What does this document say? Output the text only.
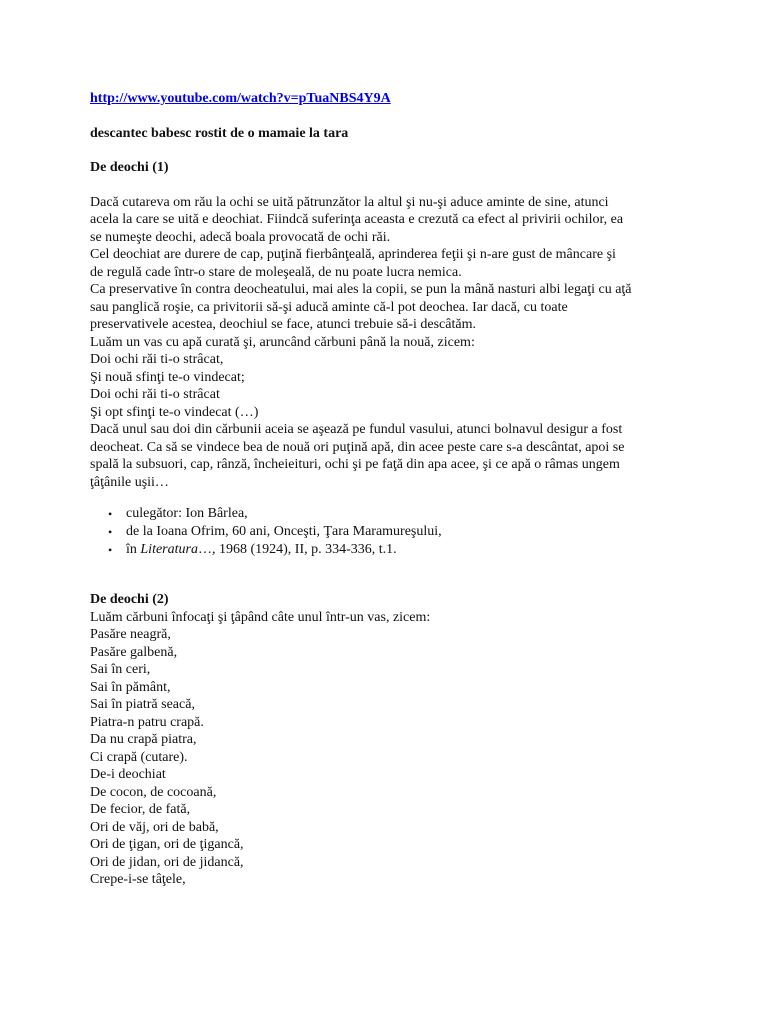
http://www.youtube.com/watch?v=pTuaNBS4Y9A
descantec babesc rostit de o mamaie la tara
De deochi (1)
Dacă cutareva om rău la ochi se uită pătrunzător la altul şi nu-şi aduce aminte de sine, atunci
acela la care se uită e deochiat. Fiindcă suferinţa aceasta e crezută ca efect al privirii ochilor, ea
se numeşte deochi, adecă boala provocată de ochi răi.
Cel deochiat are durere de cap, puţină fierbânţeală, aprinderea feţii şi n-are gust de mâncare şi
de regulă cade într-o stare de moleşeală, de nu poate lucra nemica.
Ca preservative în contra deocheatului, mai ales la copii, se pun la mână nasturi albi legaţi cu aţă
sau panglică roşie, ca privitorii să-şi aducă aminte că-l pot deochea. Iar dacă, cu toate
preservativele acestea, deochiul se face, atunci trebuie să-i descâtăm.
Luăm un vas cu apă curată şi, aruncând cărbuni până la nouă, zicem:
Doi ochi răi ti-o strâcat,
Şi nouă sfinţi te-o vindecat;
Doi ochi răi ti-o strâcat
Şi opt sfinţi te-o vindecat (…)
Dacă unul sau doi din cărbunii aceia se aşează pe fundul vasului, atunci bolnavul desigur a fost
deocheat. Ca să se vindece bea de nouă ori puţină apă, din acee peste care s-a descântat, apoi se
spală la subsuori, cap, rânză, încheieituri, ochi şi pe faţă din apa acee, şi ce apă o râmas ungem
ţâţânile uşii…
• culegător: Ion Bârlea,
• de la Ioana Ofrim, 60 ani, Onceşti, Ţara Maramureşului,
• în Literatura…, 1968 (1924), II, p. 334-336, t.1.
De deochi (2)
Luăm cărbuni înfocaţi şi ţâpând câte unul într-un vas, zicem:
Pasăre neagră,
Pasăre galbenă,
Sai în ceri,
Sai în pământ,
Sai în piatră seacă,
Piatra-n patru crapă.
Da nu crapă piatra,
Ci crapă (cutare).
De-i deochiat
De cocon, de cocoană,
De fecior, de fată,
Ori de văj, ori de babă,
Ori de ţigan, ori de ţigancă,
Ori de jidan, ori de jidancă,
Crepe-i-se tâţele,
